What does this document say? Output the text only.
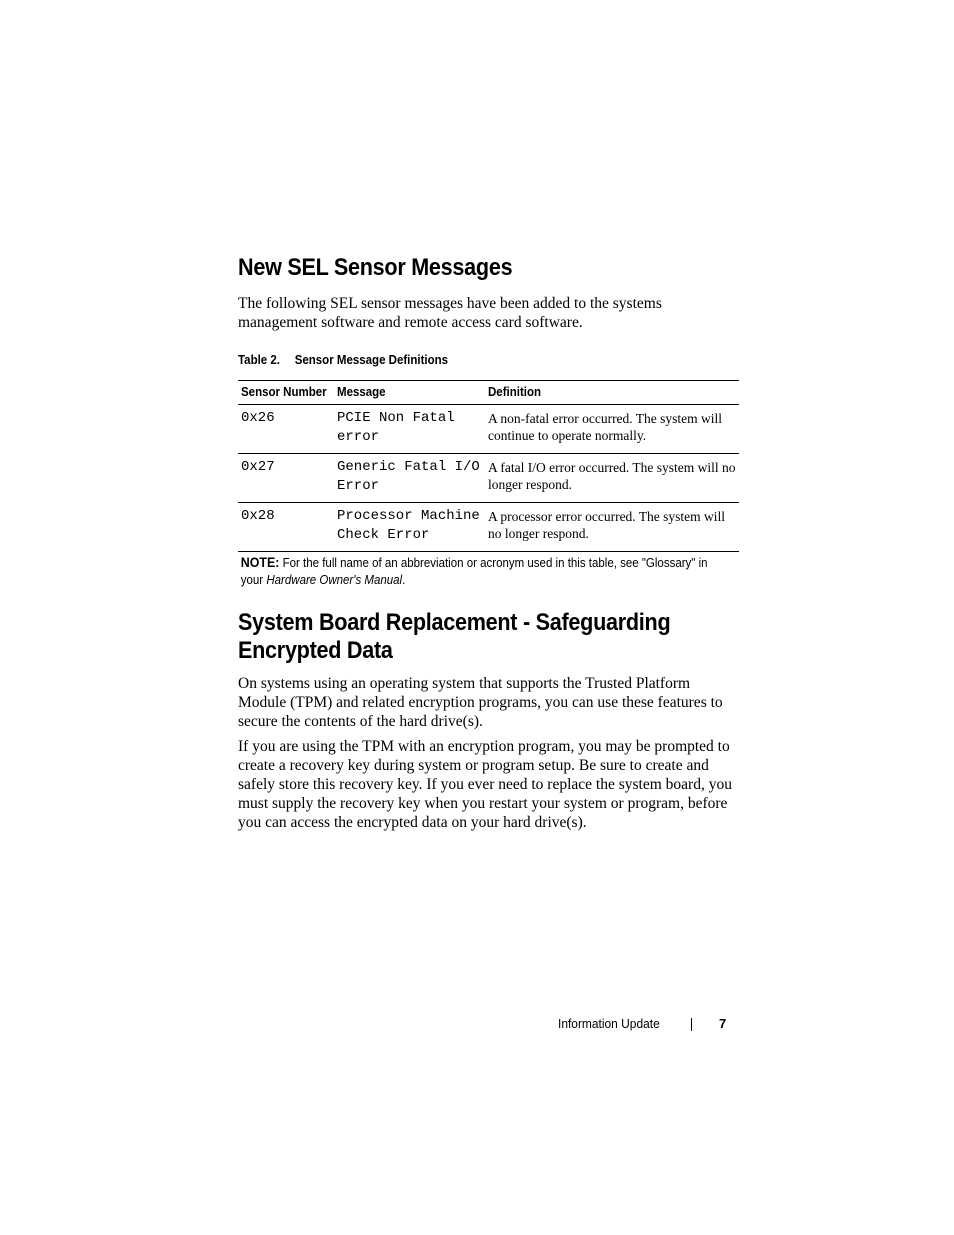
New SEL Sensor Messages

The following SEL sensor messages have been added to the systems management software and remote access card software.

Table 2. Sensor Message Definitions
Sensor Number	Message	Definition
0x26	PCIE Non Fatal error	A non-fatal error occurred. The system will continue to operate normally.
0x27	Generic Fatal I/O Error	A fatal I/O error occurred. The system will no longer respond.
0x28	Processor Machine Check Error	A processor error occurred. The system will no longer respond.
NOTE: For the full name of an abbreviation or acronym used in this table, see "Glossary" in your Hardware Owner's Manual.
System Board Replacement - Safeguarding Encrypted Data

On systems using an operating system that supports the Trusted Platform Module (TPM) and related encryption programs, you can use these features to secure the contents of the hard drive(s).

If you are using the TPM with an encryption program, you may be prompted to create a recovery key during system or program setup. Be sure to create and safely store this recovery key. If you ever need to replace the system board, you must supply the recovery key when you restart your system or program, before you can access the encrypted data on your hard drive(s).

Information Update	7
